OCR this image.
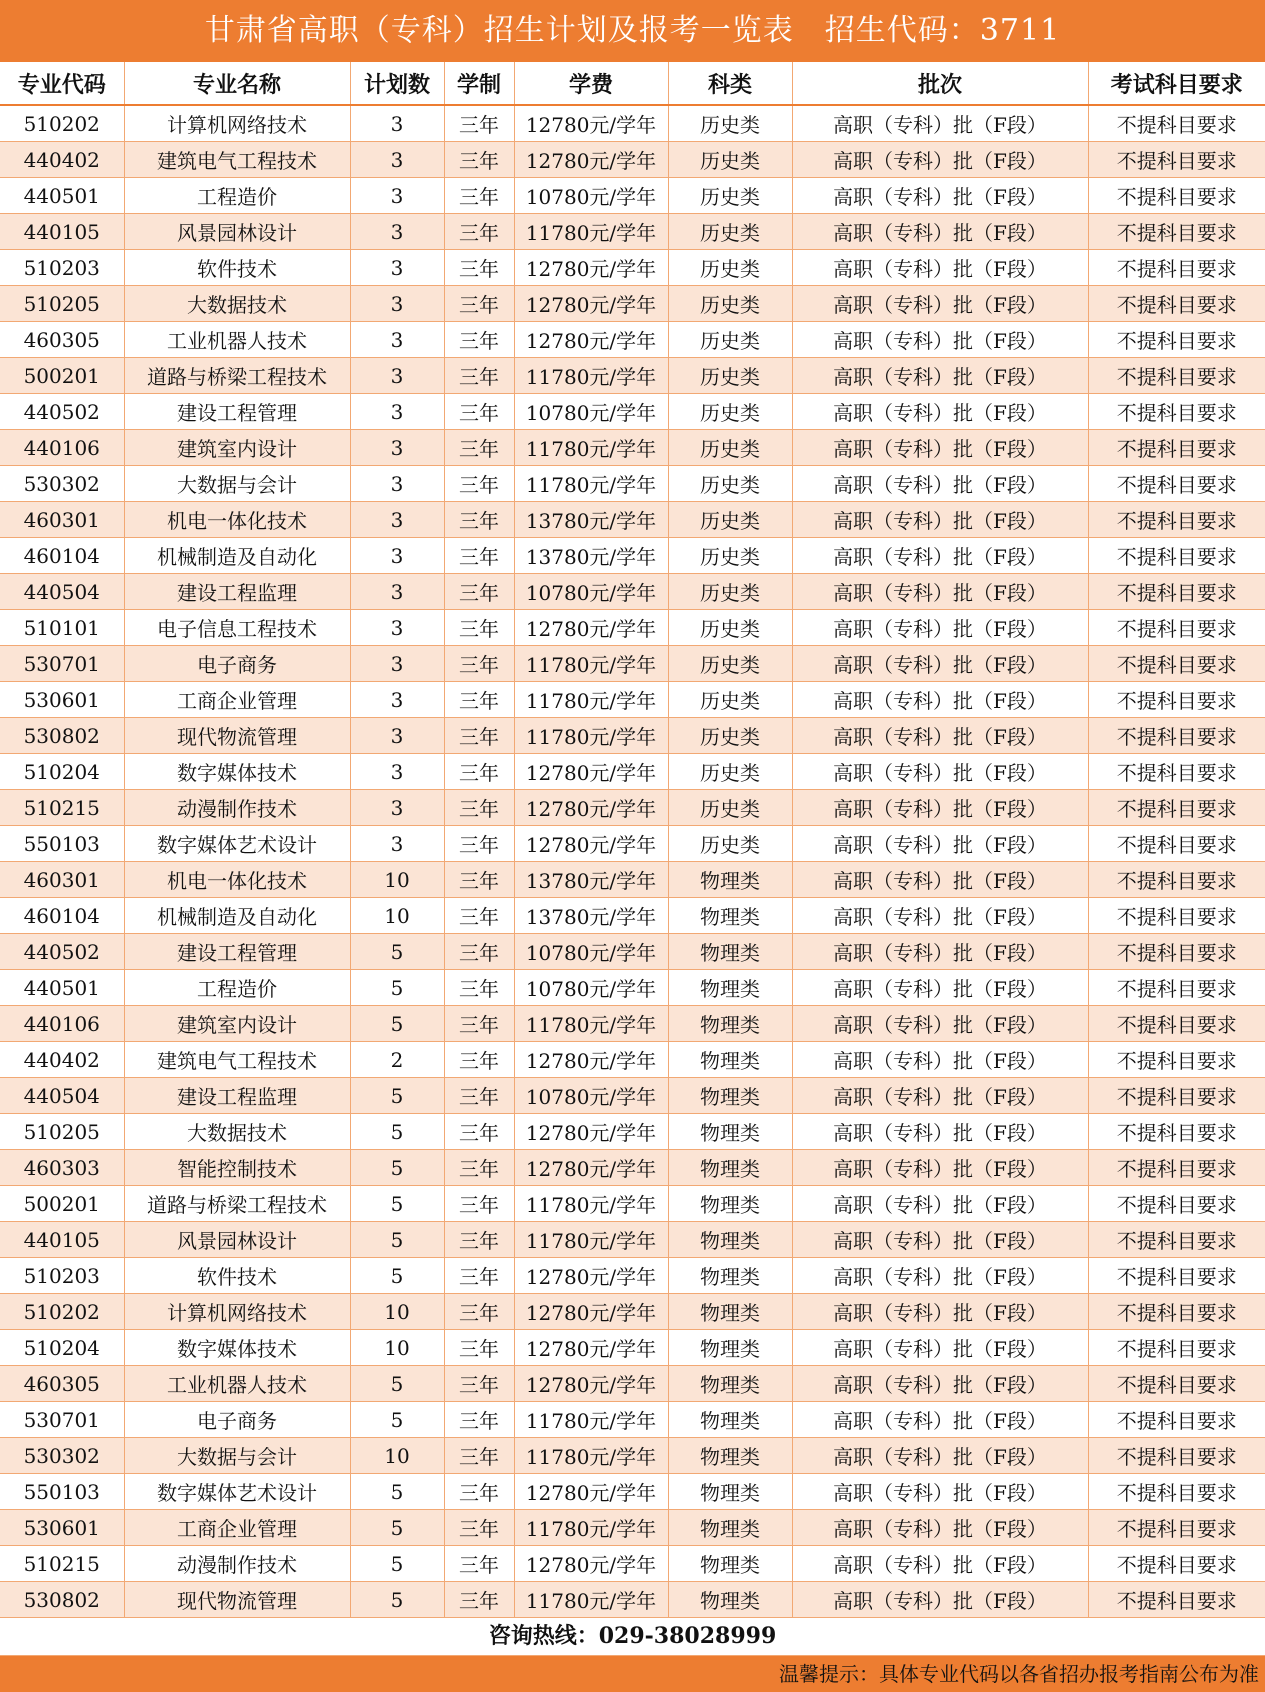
甘肃省高职（专科）招生计划及报考一览表　招生代码：3711
专业代码	专业名称	计划数	学制	学费	科类	批次	考试科目要求
510202	计算机网络技术	3	三年	12780元/学年	历史类	高职（专科）批（F段）	不提科目要求
440402	建筑电气工程技术	3	三年	12780元/学年	历史类	高职（专科）批（F段）	不提科目要求
440501	工程造价	3	三年	10780元/学年	历史类	高职（专科）批（F段）	不提科目要求
440105	风景园林设计	3	三年	11780元/学年	历史类	高职（专科）批（F段）	不提科目要求
510203	软件技术	3	三年	12780元/学年	历史类	高职（专科）批（F段）	不提科目要求
510205	大数据技术	3	三年	12780元/学年	历史类	高职（专科）批（F段）	不提科目要求
460305	工业机器人技术	3	三年	12780元/学年	历史类	高职（专科）批（F段）	不提科目要求
500201	道路与桥梁工程技术	3	三年	11780元/学年	历史类	高职（专科）批（F段）	不提科目要求
440502	建设工程管理	3	三年	10780元/学年	历史类	高职（专科）批（F段）	不提科目要求
440106	建筑室内设计	3	三年	11780元/学年	历史类	高职（专科）批（F段）	不提科目要求
530302	大数据与会计	3	三年	11780元/学年	历史类	高职（专科）批（F段）	不提科目要求
460301	机电一体化技术	3	三年	13780元/学年	历史类	高职（专科）批（F段）	不提科目要求
460104	机械制造及自动化	3	三年	13780元/学年	历史类	高职（专科）批（F段）	不提科目要求
440504	建设工程监理	3	三年	10780元/学年	历史类	高职（专科）批（F段）	不提科目要求
510101	电子信息工程技术	3	三年	12780元/学年	历史类	高职（专科）批（F段）	不提科目要求
530701	电子商务	3	三年	11780元/学年	历史类	高职（专科）批（F段）	不提科目要求
530601	工商企业管理	3	三年	11780元/学年	历史类	高职（专科）批（F段）	不提科目要求
530802	现代物流管理	3	三年	11780元/学年	历史类	高职（专科）批（F段）	不提科目要求
510204	数字媒体技术	3	三年	12780元/学年	历史类	高职（专科）批（F段）	不提科目要求
510215	动漫制作技术	3	三年	12780元/学年	历史类	高职（专科）批（F段）	不提科目要求
550103	数字媒体艺术设计	3	三年	12780元/学年	历史类	高职（专科）批（F段）	不提科目要求
460301	机电一体化技术	10	三年	13780元/学年	物理类	高职（专科）批（F段）	不提科目要求
460104	机械制造及自动化	10	三年	13780元/学年	物理类	高职（专科）批（F段）	不提科目要求
440502	建设工程管理	5	三年	10780元/学年	物理类	高职（专科）批（F段）	不提科目要求
440501	工程造价	5	三年	10780元/学年	物理类	高职（专科）批（F段）	不提科目要求
440106	建筑室内设计	5	三年	11780元/学年	物理类	高职（专科）批（F段）	不提科目要求
440402	建筑电气工程技术	2	三年	12780元/学年	物理类	高职（专科）批（F段）	不提科目要求
440504	建设工程监理	5	三年	10780元/学年	物理类	高职（专科）批（F段）	不提科目要求
510205	大数据技术	5	三年	12780元/学年	物理类	高职（专科）批（F段）	不提科目要求
460303	智能控制技术	5	三年	12780元/学年	物理类	高职（专科）批（F段）	不提科目要求
500201	道路与桥梁工程技术	5	三年	11780元/学年	物理类	高职（专科）批（F段）	不提科目要求
440105	风景园林设计	5	三年	11780元/学年	物理类	高职（专科）批（F段）	不提科目要求
510203	软件技术	5	三年	12780元/学年	物理类	高职（专科）批（F段）	不提科目要求
510202	计算机网络技术	10	三年	12780元/学年	物理类	高职（专科）批（F段）	不提科目要求
510204	数字媒体技术	10	三年	12780元/学年	物理类	高职（专科）批（F段）	不提科目要求
460305	工业机器人技术	5	三年	12780元/学年	物理类	高职（专科）批（F段）	不提科目要求
530701	电子商务	5	三年	11780元/学年	物理类	高职（专科）批（F段）	不提科目要求
530302	大数据与会计	10	三年	11780元/学年	物理类	高职（专科）批（F段）	不提科目要求
550103	数字媒体艺术设计	5	三年	12780元/学年	物理类	高职（专科）批（F段）	不提科目要求
530601	工商企业管理	5	三年	11780元/学年	物理类	高职（专科）批（F段）	不提科目要求
510215	动漫制作技术	5	三年	12780元/学年	物理类	高职（专科）批（F段）	不提科目要求
530802	现代物流管理	5	三年	11780元/学年	物理类	高职（专科）批（F段）	不提科目要求
咨询热线：029-38028999
温馨提示：具体专业代码以各省招办报考指南公布为准
